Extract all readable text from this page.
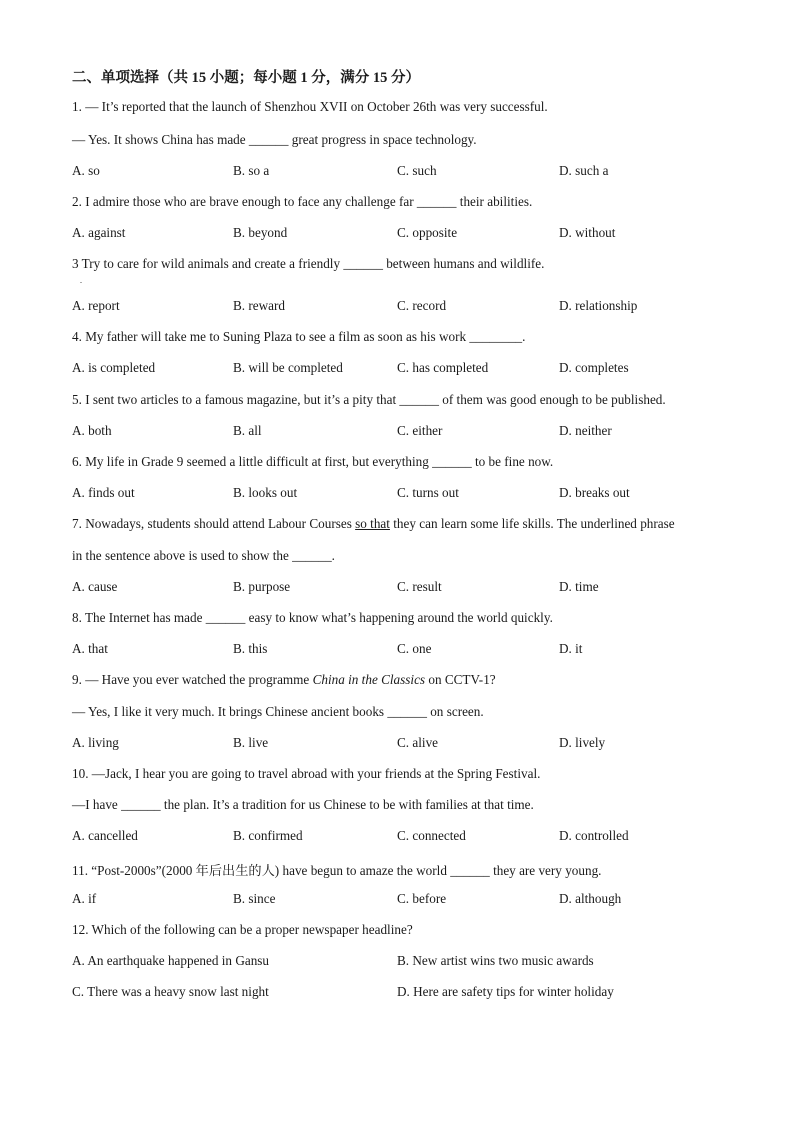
二、单项选择（共 15 小题；每小题 1 分，满分 15 分）
1. — It’s reported that the launch of Shenzhou XVII on October 26th was very successful.
— Yes. It shows China has made ______ great progress in space technology.
A. so	B. so a	C. such	D. such a
2. I admire those who are brave enough to face any challenge far ______ their abilities.
A. against	B. beyond	C. opposite	D. without
3 Try to care for wild animals and create a friendly ______ between humans and wildlife.
.
A. report	B. reward	C. record	D. relationship
4. My father will take me to Suning Plaza to see a film as soon as his work ________.
A. is completed	B. will be completed	C. has completed	D. completes
5. I sent two articles to a famous magazine, but it’s a pity that ______ of them was good enough to be published.
A. both	B. all	C. either	D. neither
6. My life in Grade 9 seemed a little difficult at first, but everything ______ to be fine now.
A. finds out	B. looks out	C. turns out	D. breaks out
7. Nowadays, students should attend Labour Courses so that they can learn some life skills. The underlined phrase
in the sentence above is used to show the ______.
A. cause	B. purpose	C. result	D. time
8. The Internet has made ______ easy to know what’s happening around the world quickly.
A. that	B. this	C. one	D. it
9. — Have you ever watched the programme China in the Classics on CCTV-1?
— Yes, I like it very much. It brings Chinese ancient books ______ on screen.
A. living	B. live	C. alive	D. lively
10. —Jack, I hear you are going to travel abroad with your friends at the Spring Festival.
—I have ______ the plan. It’s a tradition for us Chinese to be with families at that time.
A. cancelled	B. confirmed	C. connected	D. controlled
11. “Post-2000s”(2000 年后出生的人) have begun to amaze the world ______ they are very young.
A. if	B. since	C. before	D. although
12. Which of the following can be a proper newspaper headline?
A. An earthquake happened in Gansu	B. New artist wins two music awards
C. There was a heavy snow last night	D. Here are safety tips for winter holiday
